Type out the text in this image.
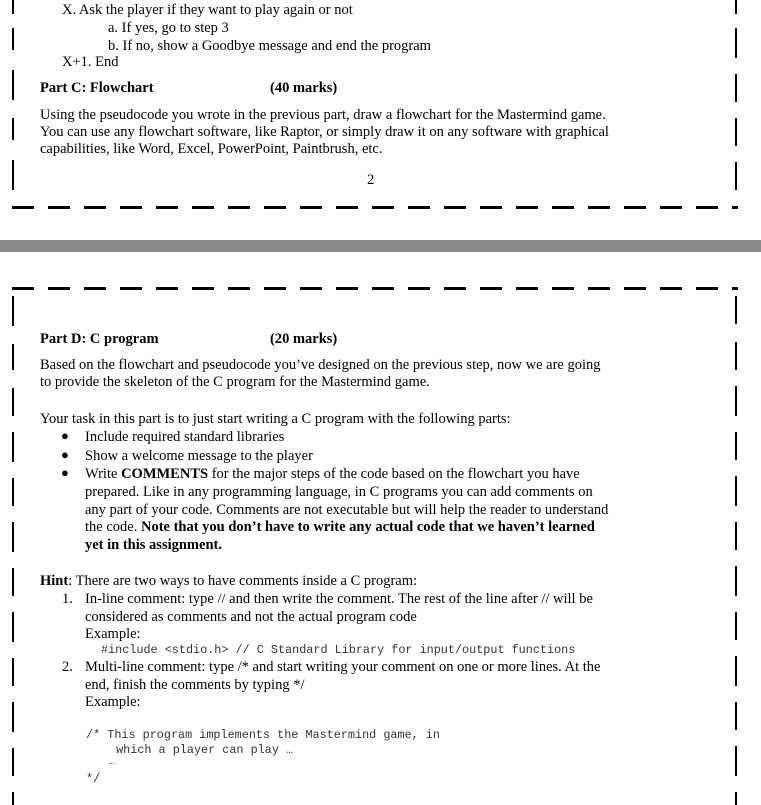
X. Ask the player if they want to play again or not
a. If yes, go to step 3
b. If no, show a Goodbye message and end the program
X+1. End
Part C: Flowchart	(40 marks)
Using the pseudocode you wrote in the previous part, draw a flowchart for the Mastermind game.
You can use any flowchart software, like Raptor, or simply draw it on any software with graphical
capabilities, like Word, Excel, PowerPoint, Paintbrush, etc.
2
Part D: C program	(20 marks)
Based on the flowchart and pseudocode you’ve designed on the previous step, now we are going
to provide the skeleton of the C program for the Mastermind game.
Your task in this part is to just start writing a C program with the following parts:
● Include required standard libraries
● Show a welcome message to the player
● Write COMMENTS for the major steps of the code based on the flowchart you have
prepared. Like in any programming language, in C programs you can add comments on
any part of your code. Comments are not executable but will help the reader to understand
the code. Note that you don’t have to write any actual code that we haven’t learned
yet in this assignment.
Hint: There are two ways to have comments inside a C program:
1. In-line comment: type // and then write the comment. The rest of the line after // will be
considered as comments and not the actual program code
Example:
#include <stdio.h> // C Standard Library for input/output functions
2. Multi-line comment: type /* and start writing your comment on one or more lines. At the
end, finish the comments by typing */
Example:
/* This program implements the Mastermind game, in
which a player can play …
…
*/
